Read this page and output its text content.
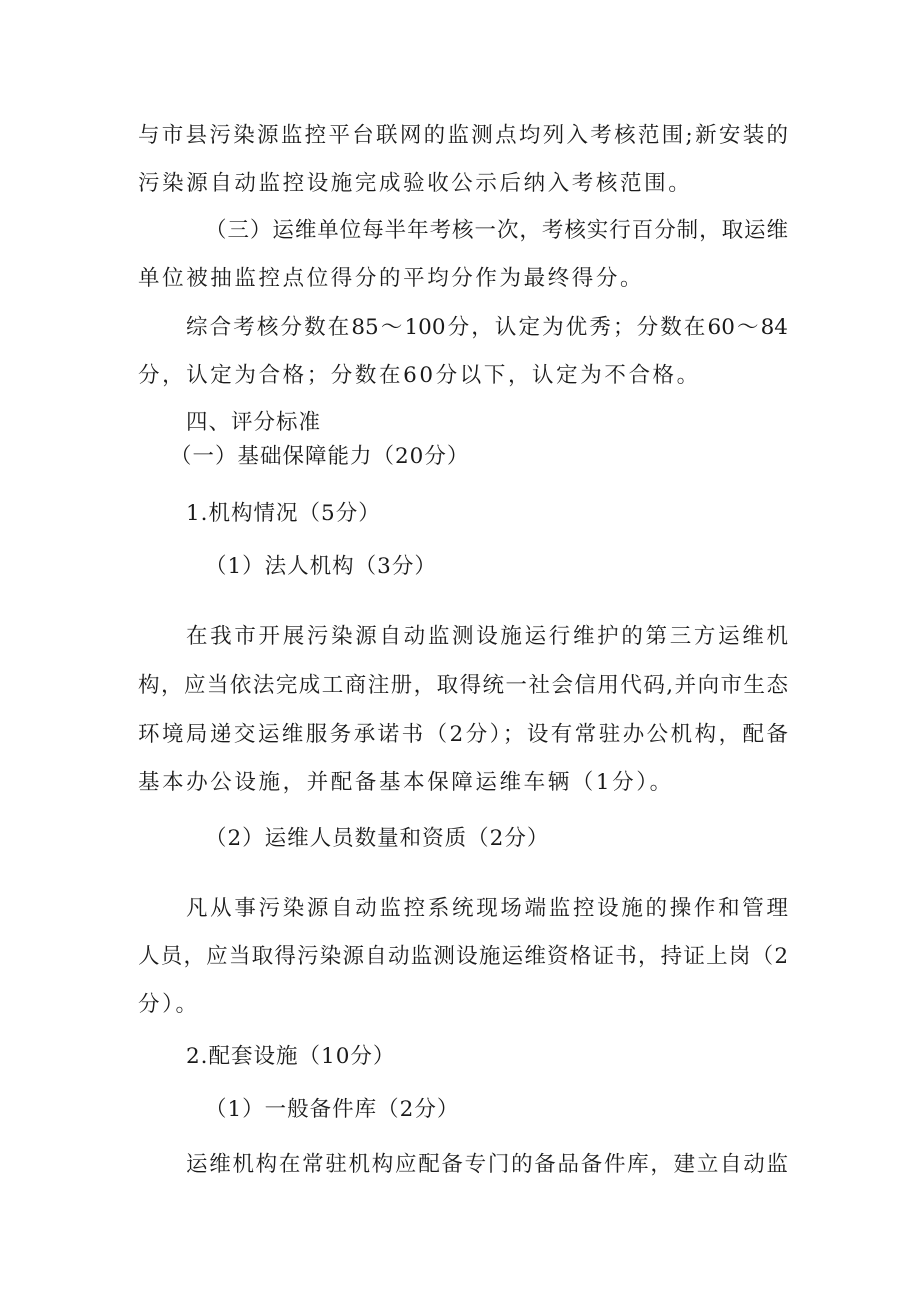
与市县污染源监控平台联网的监测点均列入考核范围;新安装的
污染源自动监控设施完成验收公示后纳入考核范围。
（三）运维单位每半年考核一次，考核实行百分制，取运维
单位被抽监控点位得分的平均分作为最终得分。
综合考核分数在85～100分，认定为优秀；分数在60～84
分，认定为合格；分数在60分以下，认定为不合格。
四、评分标准
（一）基础保障能力（20分）
1.机构情况（5分）
（1）法人机构（3分）
在我市开展污染源自动监测设施运行维护的第三方运维机
构，应当依法完成工商注册，取得统一社会信用代码,并向市生态
环境局递交运维服务承诺书（2分）；设有常驻办公机构，配备
基本办公设施，并配备基本保障运维车辆（1分）。
（2）运维人员数量和资质（2分）
凡从事污染源自动监控系统现场端监控设施的操作和管理
人员，应当取得污染源自动监测设施运维资格证书，持证上岗（2
分）。
2.配套设施（10分）
（1）一般备件库（2分）
运维机构在常驻机构应配备专门的备品备件库，建立自动监
